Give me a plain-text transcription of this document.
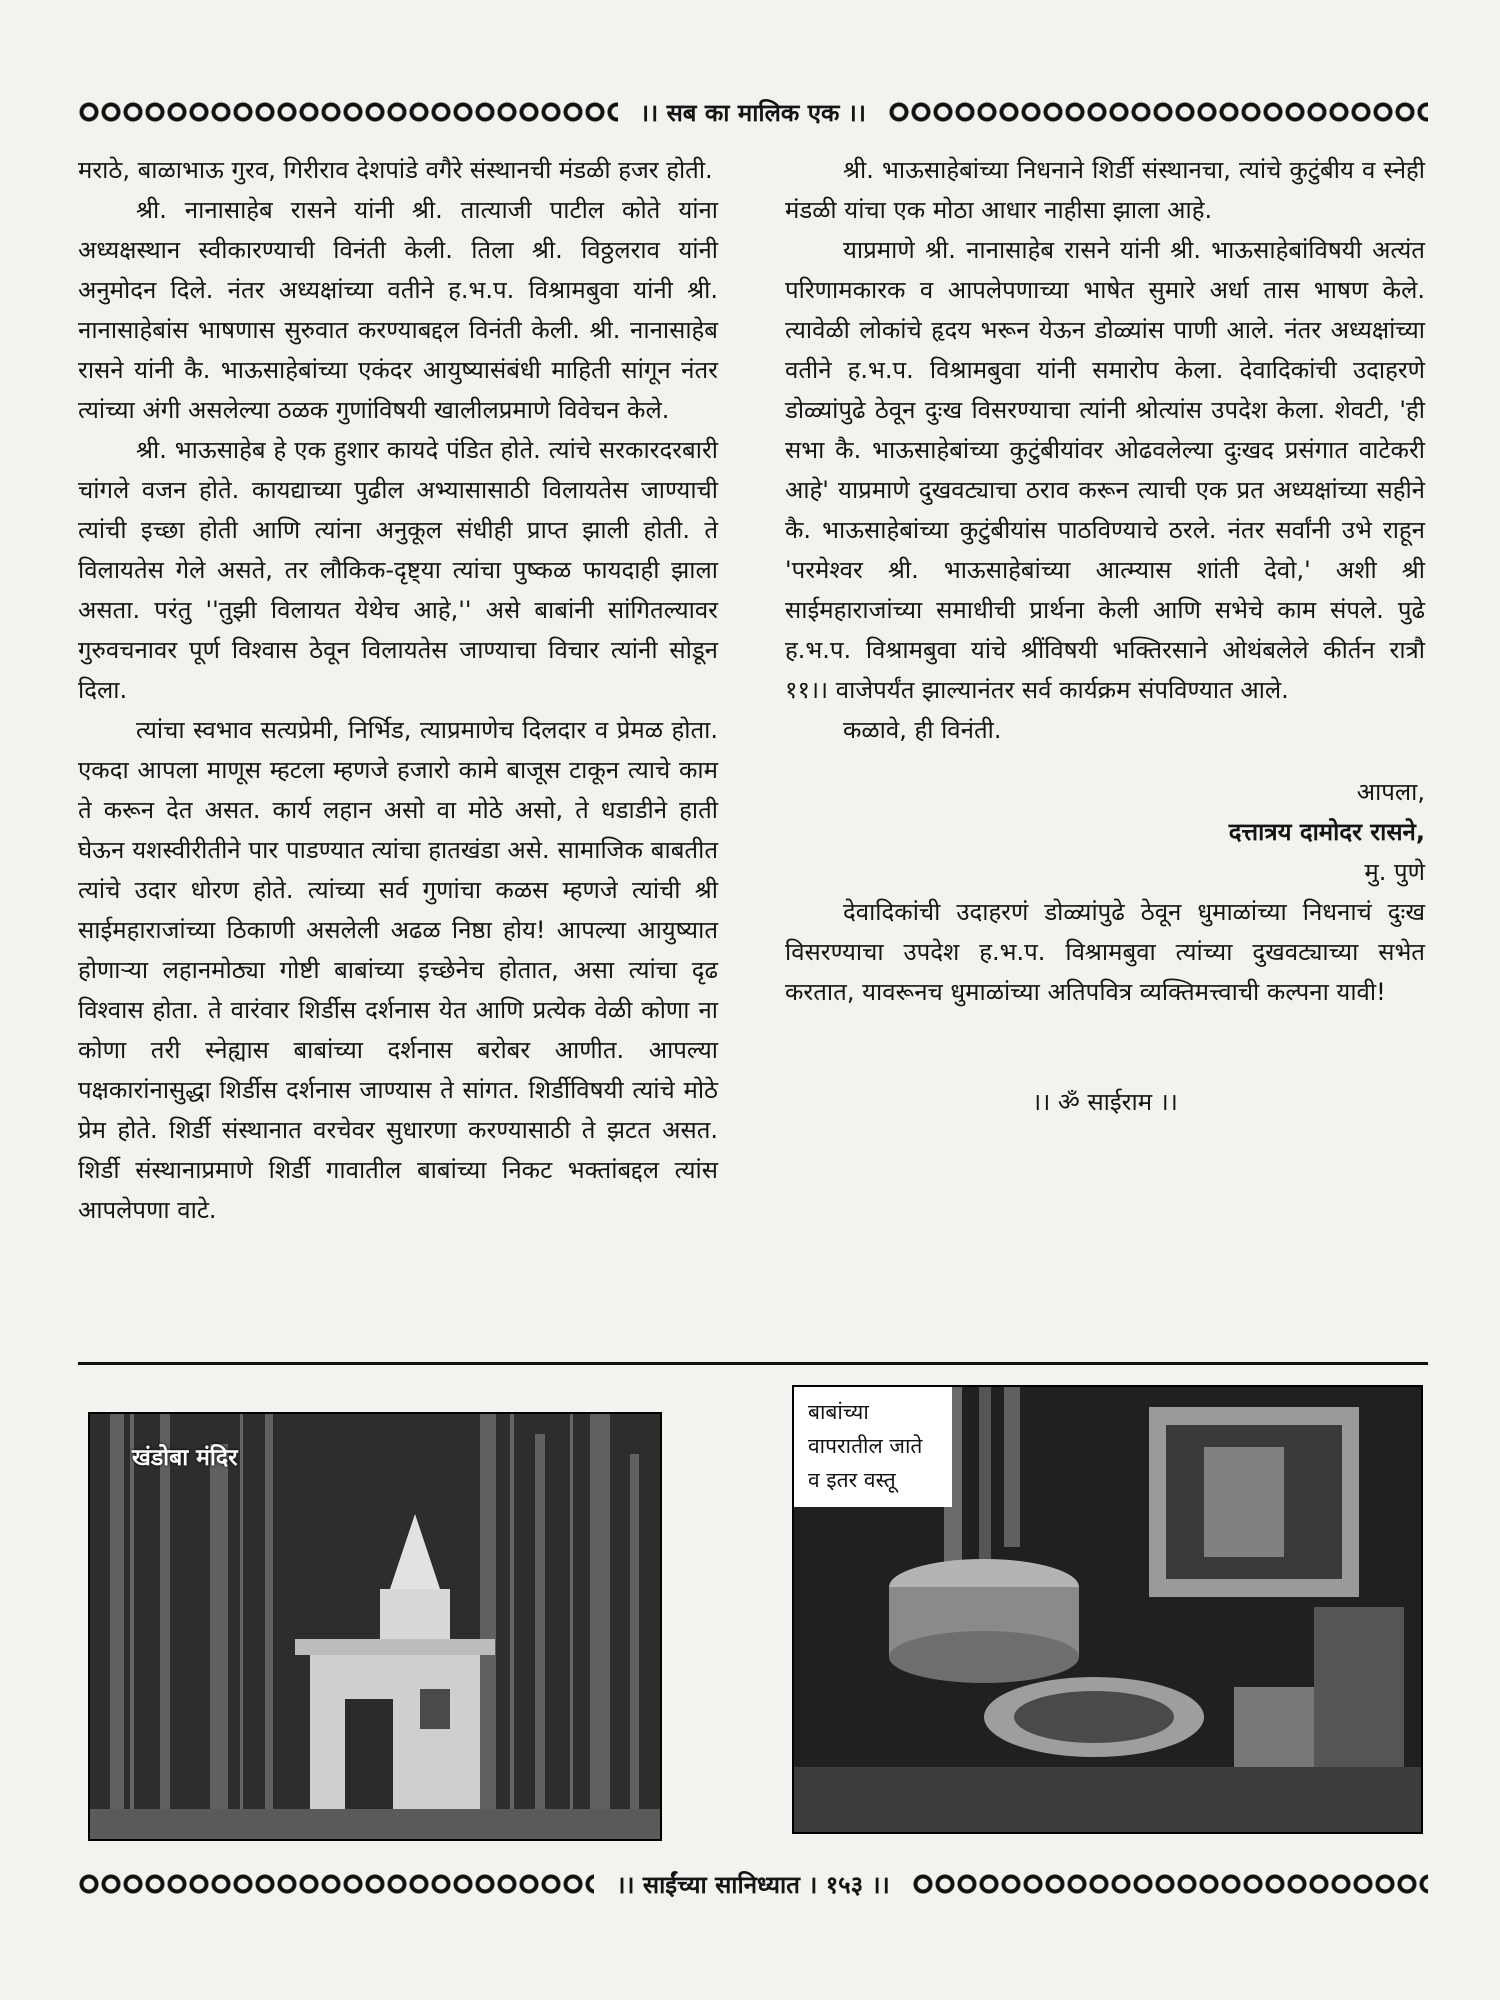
।। सब का मालिक एक ।।

मराठे, बाळाभाऊ गुरव, गिरीराव देशपांडे वगैरे संस्थानची मंडळी हजर होती.

श्री. नानासाहेब रासने यांनी श्री. तात्याजी पाटील कोते यांना अध्यक्षस्थान स्वीकारण्याची विनंती केली. तिला श्री. विठ्ठलराव यांनी अनुमोदन दिले. नंतर अध्यक्षांच्या वतीने ह.भ.प. विश्रामबुवा यांनी श्री. नानासाहेबांस भाषणास सुरुवात करण्याबद्दल विनंती केली. श्री. नानासाहेब रासने यांनी कै. भाऊसाहेबांच्या एकंदर आयुष्यासंबंधी माहिती सांगून नंतर त्यांच्या अंगी असलेल्या ठळक गुणांविषयी खालीलप्रमाणे विवेचन केले.

श्री. भाऊसाहेब हे एक हुशार कायदे पंडित होते. त्यांचे सरकारदरबारी चांगले वजन होते. कायद्याच्या पुढील अभ्यासासाठी विलायतेस जाण्याची त्यांची इच्छा होती आणि त्यांना अनुकूल संधीही प्राप्त झाली होती. ते विलायतेस गेले असते, तर लौकिक-दृष्ट्या त्यांचा पुष्कळ फायदाही झाला असता. परंतु ''तुझी विलायत येथेच आहे,'' असे बाबांनी सांगितल्यावर गुरुवचनावर पूर्ण विश्वास ठेवून विलायतेस जाण्याचा विचार त्यांनी सोडून दिला.

त्यांचा स्वभाव सत्यप्रेमी, निर्भिड, त्याप्रमाणेच दिलदार व प्रेमळ होता. एकदा आपला माणूस म्हटला म्हणजे हजारो कामे बाजूस टाकून त्याचे काम ते करून देत असत. कार्य लहान असो वा मोठे असो, ते धडाडीने हाती घेऊन यशस्वीरीतीने पार पाडण्यात त्यांचा हातखंडा असे. सामाजिक बाबतीत त्यांचे उदार धोरण होते. त्यांच्या सर्व गुणांचा कळस म्हणजे त्यांची श्री साईमहाराजांच्या ठिकाणी असलेली अढळ निष्ठा होय! आपल्या आयुष्यात होणाऱ्या लहानमोठ्या गोष्टी बाबांच्या इच्छेनेच होतात, असा त्यांचा दृढ विश्वास होता. ते वारंवार शिर्डीस दर्शनास येत आणि प्रत्येक वेळी कोणा ना कोणा तरी स्नेह्यास बाबांच्या दर्शनास बरोबर आणीत. आपल्या पक्षकारांनासुद्धा शिर्डीस दर्शनास जाण्यास ते सांगत. शिर्डीविषयी त्यांचे मोठे प्रेम होते. शिर्डी संस्थानात वरचेवर सुधारणा करण्यासाठी ते झटत असत. शिर्डी संस्थानाप्रमाणे शिर्डी गावातील बाबांच्या निकट भक्तांबद्दल त्यांस आपलेपणा वाटे.

श्री. भाऊसाहेबांच्या निधनाने शिर्डी संस्थानचा, त्यांचे कुटुंबीय व स्नेही मंडळी यांचा एक मोठा आधार नाहीसा झाला आहे.

याप्रमाणे श्री. नानासाहेब रासने यांनी श्री. भाऊसाहेबांविषयी अत्यंत परिणामकारक व आपलेपणाच्या भाषेत सुमारे अर्धा तास भाषण केले. त्यावेळी लोकांचे हृदय भरून येऊन डोळ्यांस पाणी आले. नंतर अध्यक्षांच्या वतीने ह.भ.प. विश्रामबुवा यांनी समारोप केला. देवादिकांची उदाहरणे डोळ्यांपुढे ठेवून दुःख विसरण्याचा त्यांनी श्रोत्यांस उपदेश केला. शेवटी, 'ही सभा कै. भाऊसाहेबांच्या कुटुंबीयांवर ओढवलेल्या दुःखद प्रसंगात वाटेकरी आहे' याप्रमाणे दुखवट्याचा ठराव करून त्याची एक प्रत अध्यक्षांच्या सहीने कै. भाऊसाहेबांच्या कुटुंबीयांस पाठविण्याचे ठरले. नंतर सर्वांनी उभे राहून 'परमेश्वर श्री. भाऊसाहेबांच्या आत्म्यास शांती देवो,' अशी श्री साईमहाराजांच्या समाधीची प्रार्थना केली आणि सभेचे काम संपले. पुढे ह.भ.प. विश्रामबुवा यांचे श्रींविषयी भक्तिरसाने ओथंबलेले कीर्तन रात्रौ ११।। वाजेपर्यंत झाल्यानंतर सर्व कार्यक्रम संपविण्यात आले.

कळावे, ही विनंती.
आपला,
दत्तात्रय दामोदर रासने,
मु. पुणे

देवादिकांची उदाहरणं डोळ्यांपुढे ठेवून धुमाळांच्या निधनाचं दुःख विसरण्याचा उपदेश ह.भ.प. विश्रामबुवा त्यांच्या दुखवट्याच्या सभेत करतात, यावरूनच धुमाळांच्या अतिपवित्र व्यक्तिमत्त्वाची कल्पना यावी!

।। ॐ साईराम ।।
खंडोबा मंदिर
बाबांच्या वापरातील जाते व इतर वस्तू
।। साईंच्या सानिध्यात । १५३ ।।
